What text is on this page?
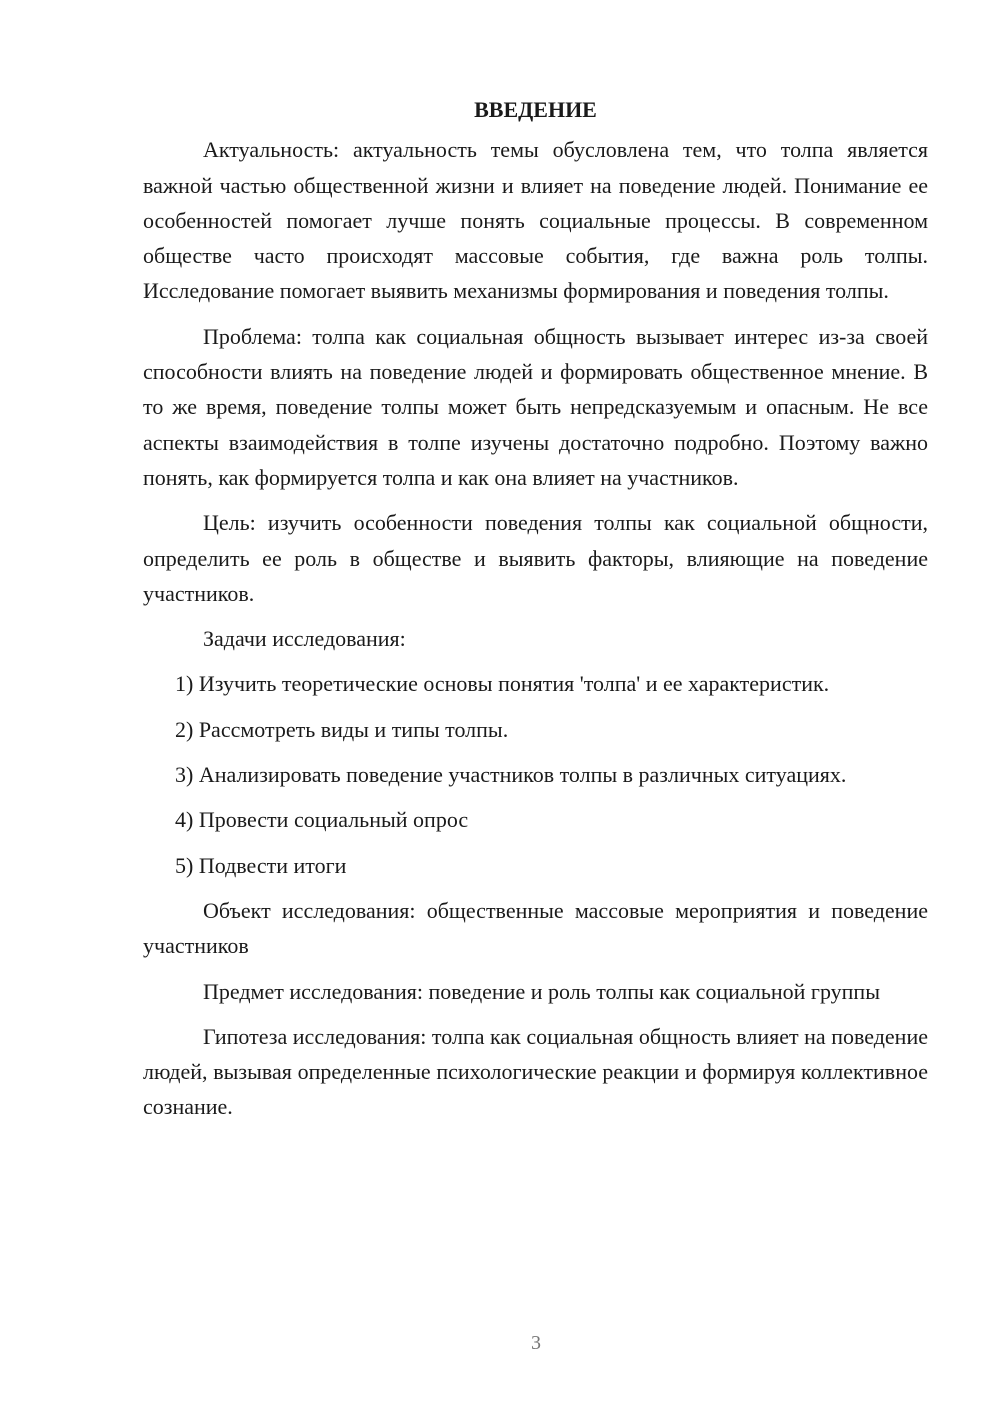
ВВЕДЕНИЕ

Актуальность: актуальность темы обусловлена тем, что толпа является важной частью общественной жизни и влияет на поведение людей. Понимание ее особенностей помогает лучше понять социальные процессы. В современном обществе часто происходят массовые события, где важна роль толпы. Исследование помогает выявить механизмы формирования и поведения толпы.

Проблема: толпа как социальная общность вызывает интерес из-за своей способности влиять на поведение людей и формировать общественное мнение. В то же время, поведение толпы может быть непредсказуемым и опасным. Не все аспекты взаимодействия в толпе изучены достаточно подробно. Поэтому важно понять, как формируется толпа и как она влияет на участников.

Цель: изучить особенности поведения толпы как социальной общности, определить ее роль в обществе и выявить факторы, влияющие на поведение участников.

Задачи исследования:

1) Изучить теоретические основы понятия 'толпа' и ее характеристик.

2) Рассмотреть виды и типы толпы.

3) Анализировать поведение участников толпы в различных ситуациях.

4) Провести социальный опрос

5) Подвести итоги

Объект исследования: общественные массовые мероприятия и поведение участников

Предмет исследования: поведение и роль толпы как социальной группы

Гипотеза исследования: толпа как социальная общность влияет на поведение людей, вызывая определенные психологические реакции и формируя коллективное сознание.

3
